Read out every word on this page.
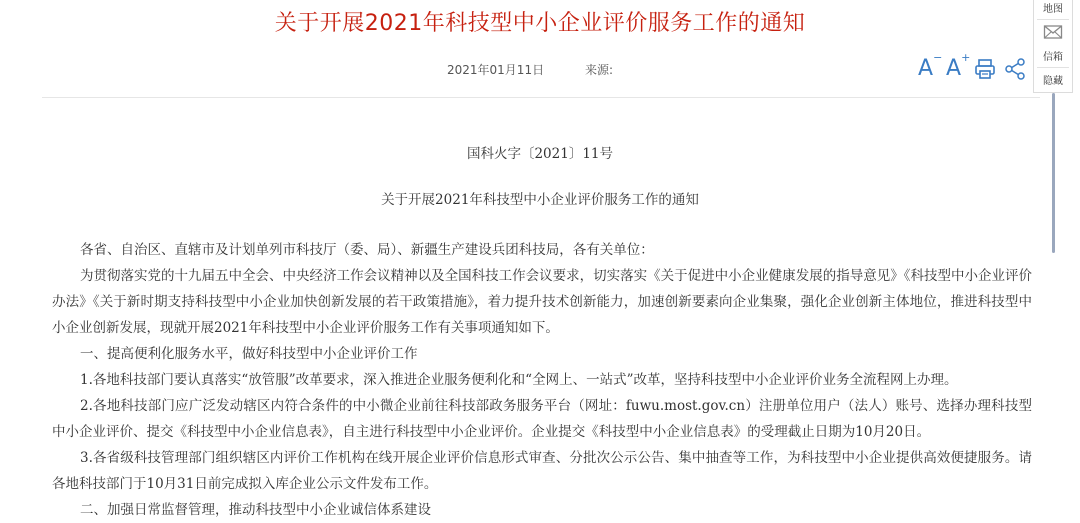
关于开展2021年科技型中小企业评价服务工作的通知
2021年01月11日	来源:	A− A+
地图
信箱
隐藏
国科火字〔2021〕11号
关于开展2021年科技型中小企业评价服务工作的通知

各省、自治区、直辖市及计划单列市科技厅（委、局）、新疆生产建设兵团科技局，各有关单位：

为贯彻落实党的十九届五中全会、中央经济工作会议精神以及全国科技工作会议要求，切实落实《关于促进中小企业健康发展的指导意见》《科技型中小企业评价办法》《关于新时期支持科技型中小企业加快创新发展的若干政策措施》，着力提升技术创新能力，加速创新要素向企业集聚，强化企业创新主体地位，推进科技型中小企业创新发展，现就开展2021年科技型中小企业评价服务工作有关事项通知如下。

一、提高便利化服务水平，做好科技型中小企业评价工作

1.各地科技部门要认真落实“放管服”改革要求，深入推进企业服务便利化和“全网上、一站式”改革，坚持科技型中小企业评价业务全流程网上办理。

2.各地科技部门应广泛发动辖区内符合条件的中小微企业前往科技部政务服务平台（网址：fuwu.most.gov.cn）注册单位用户（法人）账号、选择办理科技型中小企业评价、提交《科技型中小企业信息表》，自主进行科技型中小企业评价。企业提交《科技型中小企业信息表》的受理截止日期为10月20日。

3.各省级科技管理部门组织辖区内评价工作机构在线开展企业评价信息形式审查、分批次公示公告、集中抽查等工作，为科技型中小企业提供高效便捷服务。请各地科技部门于10月31日前完成拟入库企业公示文件发布工作。

二、加强日常监督管理，推动科技型中小企业诚信体系建设
